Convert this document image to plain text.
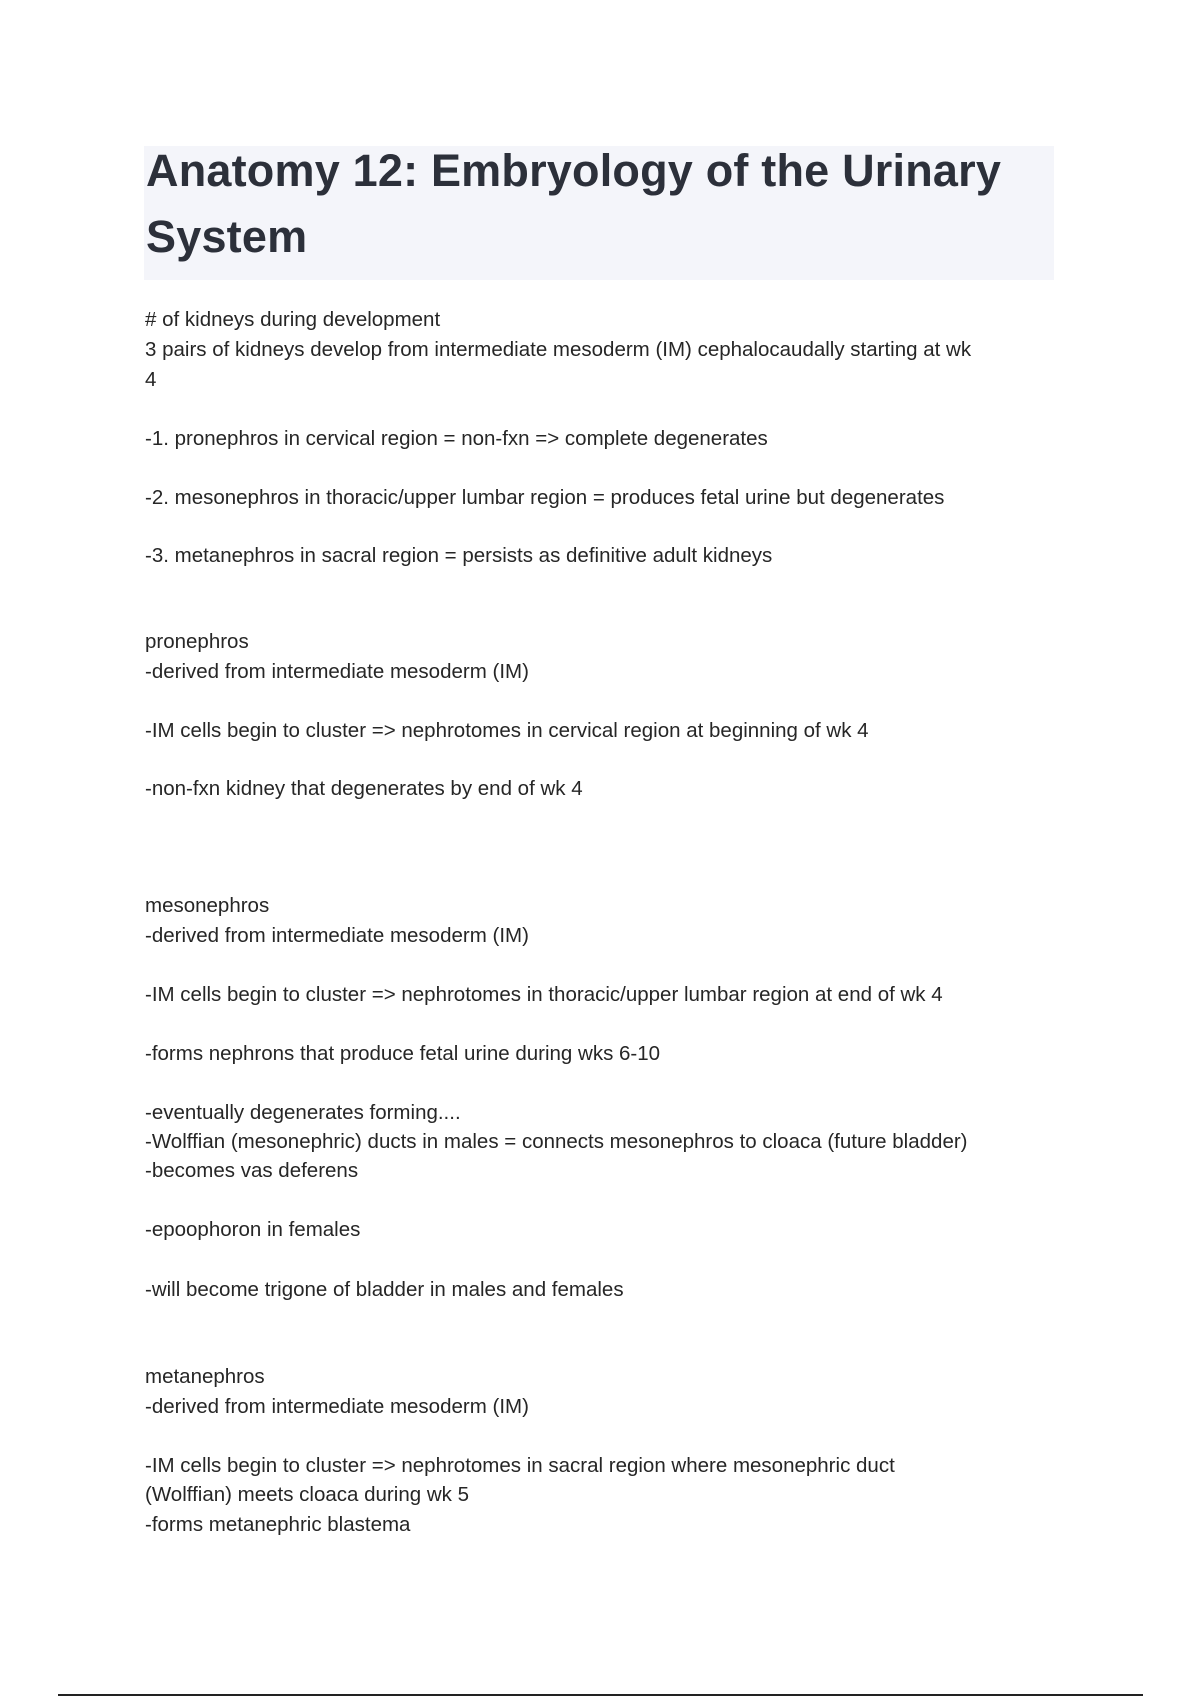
Anatomy 12: Embryology of the Urinary System
# of kidneys during development
3 pairs of kidneys develop from intermediate mesoderm (IM) cephalocaudally starting at wk
4
-1. pronephros in cervical region = non-fxn => complete degenerates
-2. mesonephros in thoracic/upper lumbar region = produces fetal urine but degenerates
-3. metanephros in sacral region = persists as definitive adult kidneys
pronephros
-derived from intermediate mesoderm (IM)
-IM cells begin to cluster => nephrotomes in cervical region at beginning of wk 4
-non-fxn kidney that degenerates by end of wk 4
mesonephros
-derived from intermediate mesoderm (IM)
-IM cells begin to cluster => nephrotomes in thoracic/upper lumbar region at end of wk 4
-forms nephrons that produce fetal urine during wks 6-10
-eventually degenerates forming....
-Wolffian (mesonephric) ducts in males = connects mesonephros to cloaca (future bladder)
-becomes vas deferens
-epoophoron in females
-will become trigone of bladder in males and females
metanephros
-derived from intermediate mesoderm (IM)
-IM cells begin to cluster => nephrotomes in sacral region where mesonephric duct
(Wolffian) meets cloaca during wk 5
-forms metanephric blastema
